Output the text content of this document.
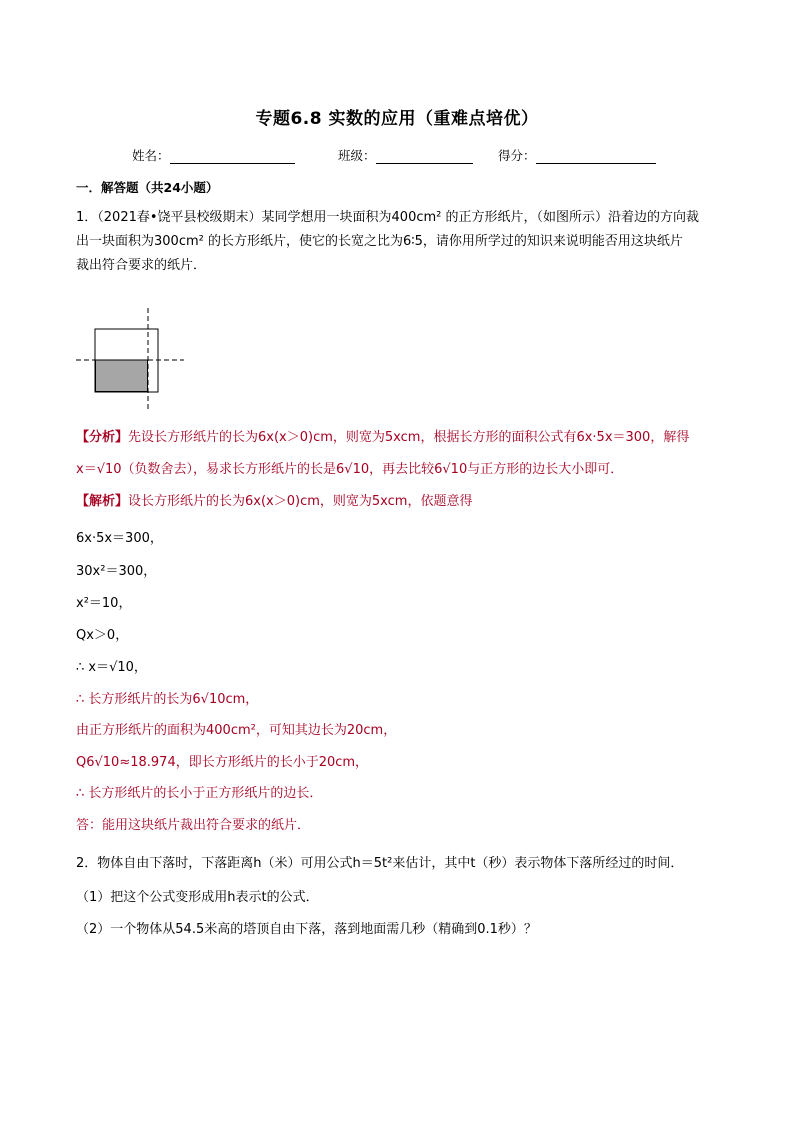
专题6.8 实数的应用（重难点培优）
姓名：	班级：	得分：
一．解答题（共24小题）
1．（2021春•饶平县校级期末）某同学想用一块面积为400cm² 的正方形纸片，（如图所示）沿着边的方向裁
出一块面积为300cm² 的长方形纸片，使它的长宽之比为6∶5，请你用所学过的知识来说明能否用这块纸片
裁出符合要求的纸片．
【分析】先设长方形纸片的长为6x(x＞0)cm，则宽为5xcm，根据长方形的面积公式有6x·5x＝300，解得
x＝√10（负数舍去），易求长方形纸片的长是6√10，再去比较6√10与正方形的边长大小即可．
【解析】设长方形纸片的长为6x(x＞0)cm，则宽为5xcm，依题意得
6x·5x＝300，
30x²＝300，
x²＝10，
Qx＞0，
∴ x＝√10，
∴ 长方形纸片的长为6√10cm，
由正方形纸片的面积为400cm²，可知其边长为20cm，
Q6√10≈18.974，即长方形纸片的长小于20cm，
∴ 长方形纸片的长小于正方形纸片的边长．
答：能用这块纸片裁出符合要求的纸片．
2．物体自由下落时，下落距离h（米）可用公式h＝5t²来估计，其中t（秒）表示物体下落所经过的时间．
（1）把这个公式变形成用h表示t的公式．
（2）一个物体从54.5米高的塔顶自由下落，落到地面需几秒（精确到0.1秒）？
